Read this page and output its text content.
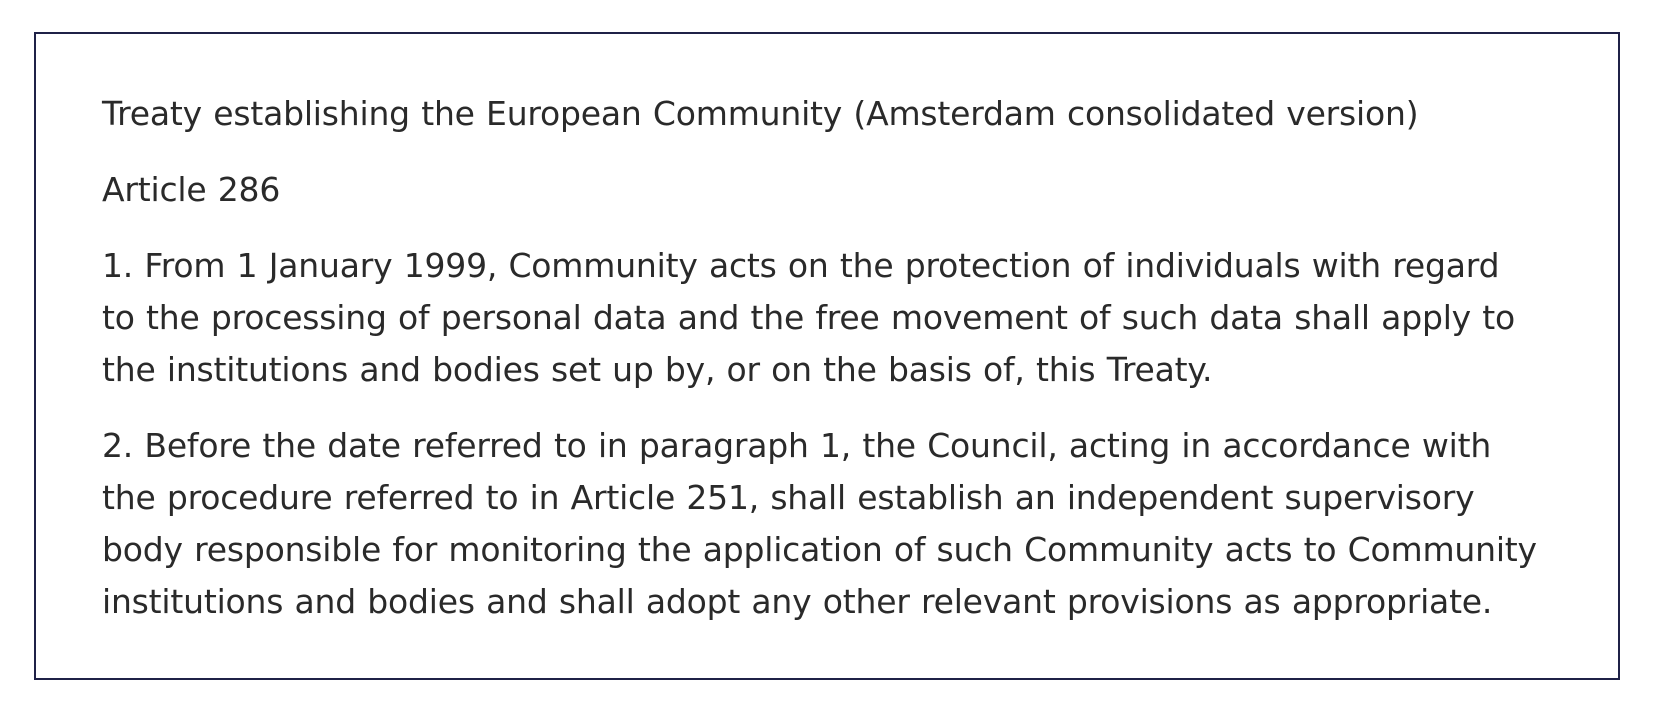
Treaty establishing the European Community (Amsterdam consolidated version)

Article 286

1. From 1 January 1999, Community acts on the protection of individuals with regard to the processing of personal data and the free movement of such data shall apply to the institutions and bodies set up by, or on the basis of, this Treaty.

2. Before the date referred to in paragraph 1, the Council, acting in accordance with the procedure referred to in Article 251, shall establish an independent supervisory body responsible for monitoring the application of such Community acts to Community institutions and bodies and shall adopt any other relevant provisions as appropriate.
